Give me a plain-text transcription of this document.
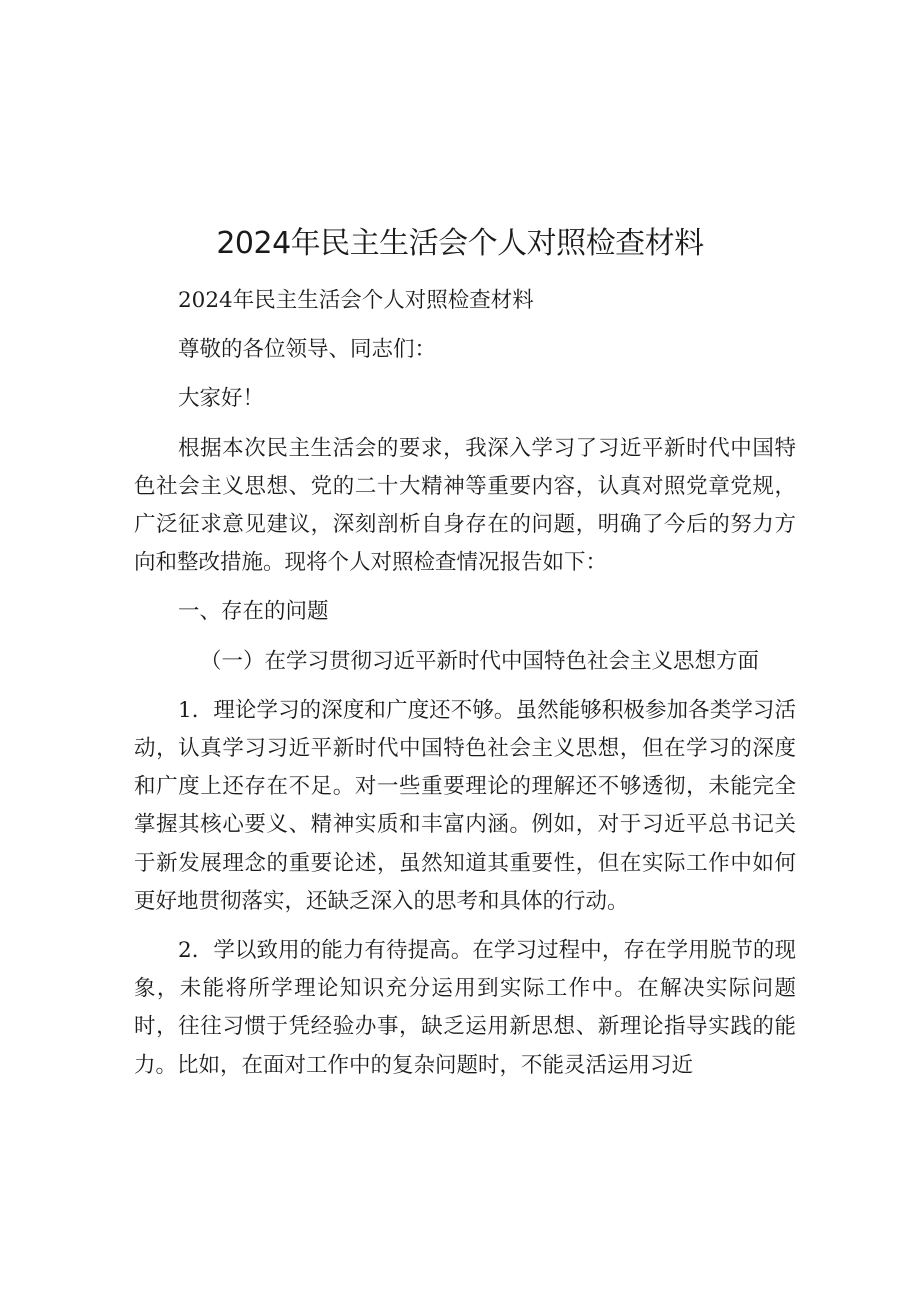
2024年民主生活会个人对照检查材料

2024年民主生活会个人对照检查材料

尊敬的各位领导、同志们：

大家好！

根据本次民主生活会的要求，我深入学习了习近平新时代中国特色社会主义思想、党的二十大精神等重要内容，认真对照党章党规，广泛征求意见建议，深刻剖析自身存在的问题，明确了今后的努力方向和整改措施。现将个人对照检查情况报告如下：

一、存在的问题

（一）在学习贯彻习近平新时代中国特色社会主义思想方面

1．理论学习的深度和广度还不够。虽然能够积极参加各类学习活动，认真学习习近平新时代中国特色社会主义思想，但在学习的深度和广度上还存在不足。对一些重要理论的理解还不够透彻，未能完全掌握其核心要义、精神实质和丰富内涵。例如，对于习近平总书记关于新发展理念的重要论述，虽然知道其重要性，但在实际工作中如何更好地贯彻落实，还缺乏深入的思考和具体的行动。

2．学以致用的能力有待提高。在学习过程中，存在学用脱节的现象，未能将所学理论知识充分运用到实际工作中。在解决实际问题时，往往习惯于凭经验办事，缺乏运用新思想、新理论指导实践的能力。比如，在面对工作中的复杂问题时，不能灵活运用习近
